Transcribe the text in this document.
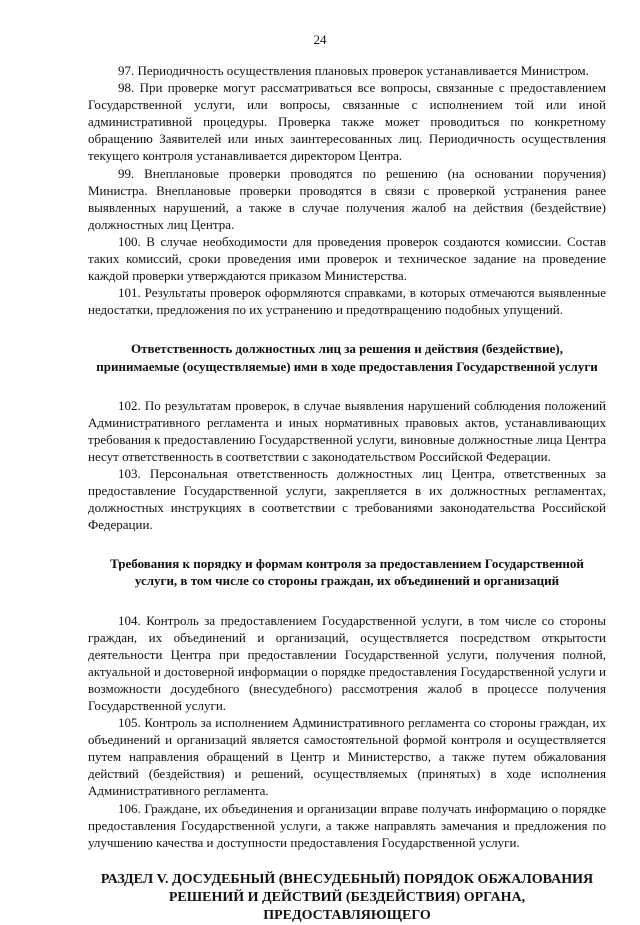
24

97. Периодичность осуществления плановых проверок устанавливается Министром.

98. При проверке могут рассматриваться все вопросы, связанные с предоставлением Государственной услуги, или вопросы, связанные с исполнением той или иной административной процедуры. Проверка также может проводиться по конкретному обращению Заявителей или иных заинтересованных лиц. Периодичность осуществления текущего контроля устанавливается директором Центра.

99. Внеплановые проверки проводятся по решению (на основании поручения) Министра. Внеплановые проверки проводятся в связи с проверкой устранения ранее выявленных нарушений, а также в случае получения жалоб на действия (бездействие) должностных лиц Центра.

100. В случае необходимости для проведения проверок создаются комиссии. Состав таких комиссий, сроки проведения ими проверок и техническое задание на проведение каждой проверки утверждаются приказом Министерства.

101. Результаты проверок оформляются справками, в которых отмечаются выявленные недостатки, предложения по их устранению и предотвращению подобных упущений.

Ответственность должностных лиц за решения и действия (бездействие), принимаемые (осуществляемые) ими в ходе предоставления Государственной услуги

102. По результатам проверок, в случае выявления нарушений соблюдения положений Административного регламента и иных нормативных правовых актов, устанавливающих требования к предоставлению Государственной услуги, виновные должностные лица Центра несут ответственность в соответствии с законодательством Российской Федерации.

103. Персональная ответственность должностных лиц Центра, ответственных за предоставление Государственной услуги, закрепляется в их должностных регламентах, должностных инструкциях в соответствии с требованиями законодательства Российской Федерации.

Требования к порядку и формам контроля за предоставлением Государственной услуги, в том числе со стороны граждан, их объединений и организаций

104. Контроль за предоставлением Государственной услуги, в том числе со стороны граждан, их объединений и организаций, осуществляется посредством открытости деятельности Центра при предоставлении Государственной услуги, получения полной, актуальной и достоверной информации о порядке предоставления Государственной услуги и возможности досудебного (внесудебного) рассмотрения жалоб в процессе получения Государственной услуги.

105. Контроль за исполнением Административного регламента со стороны граждан, их объединений и организаций является самостоятельной формой контроля и осуществляется путем направления обращений в Центр и Министерство, а также путем обжалования действий (бездействия) и решений, осуществляемых (принятых) в ходе исполнения Административного регламента.

106. Граждане, их объединения и организации вправе получать информацию о порядке предоставления Государственной услуги, а также направлять замечания и предложения по улучшению качества и доступности предоставления Государственной услуги.

РАЗДЕЛ V. ДОСУДЕБНЫЙ (ВНЕСУДЕБНЫЙ) ПОРЯДОК ОБЖАЛОВАНИЯ
РЕШЕНИЙ И ДЕЙСТВИЙ (БЕЗДЕЙСТВИЯ) ОРГАНА, ПРЕДОСТАВЛЯЮЩЕГО
